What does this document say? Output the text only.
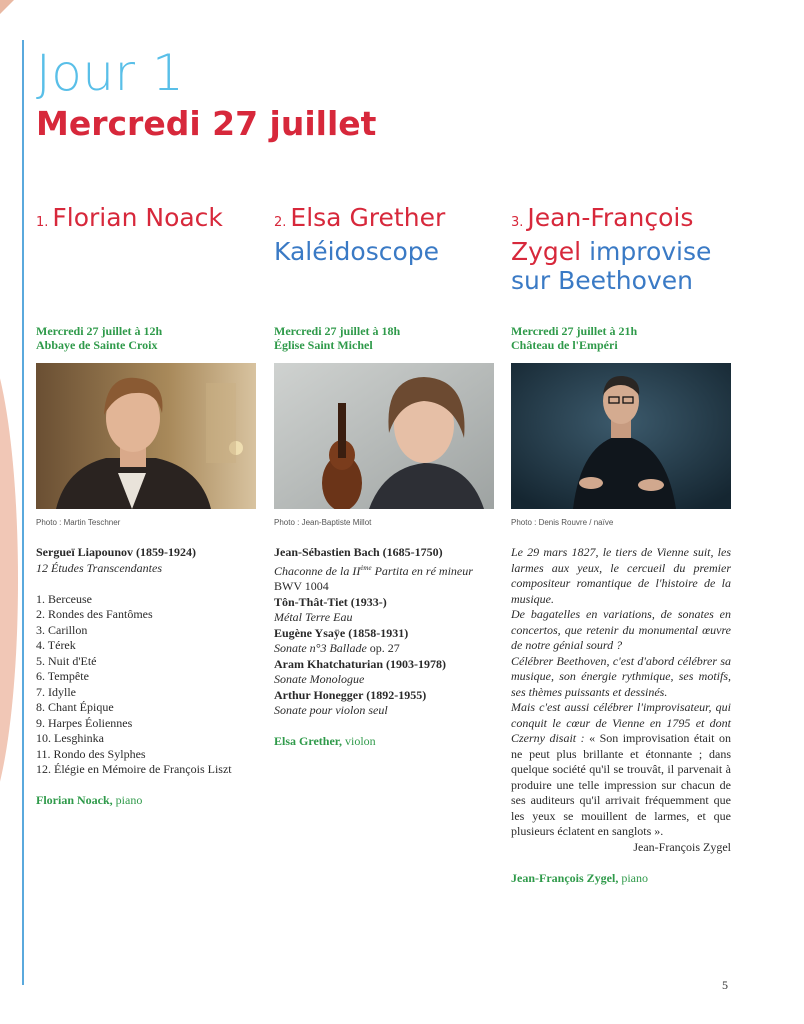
Jour 1
Mercredi 27 juillet
1. Florian Noack

Mercredi 27 juillet à 12h
Abbaye de Sainte Croix

Photo : Martin Teschner

Sergueï Liapounov (1859-1924)
12 Études Transcendantes
1. Berceuse
2. Rondes des Fantômes
3. Carillon
4. Térek
5. Nuit d'Eté
6. Tempête
7. Idylle
8. Chant Épique
9. Harpes Éoliennes
10. Lesghinka
11. Rondo des Sylphes
12. Élégie en Mémoire de François Liszt
Florian Noack, piano
2. Elsa Grether
Kaléidoscope

Mercredi 27 juillet à 18h
Église Saint Michel

Photo : Jean-Baptiste Millot

Jean-Sébastien Bach (1685-1750)
Chaconne de la IIème Partita en ré mineur
BWV 1004
Tôn-Thât-Tiet (1933-)
Métal Terre Eau
Eugène Ysaÿe (1858-1931)
Sonate n°3 Ballade op. 27
Aram Khatchaturian (1903-1978)
Sonate Monologue
Arthur Honegger (1892-1955)
Sonate pour violon seul
Elsa Grether, violon
3. Jean-François Zygel improvise sur Beethoven

Mercredi 27 juillet à 21h
Château de l'Empéri

Photo : Denis Rouvre / naïve

Le 29 mars 1827, le tiers de Vienne suit, les larmes aux yeux, le cercueil du premier compositeur romantique de l'histoire de la musique.

De bagatelles en variations, de sonates en concertos, que retenir du monumental œuvre de notre génial sourd ?

Célébrer Beethoven, c'est d'abord célébrer sa musique, son énergie rythmique, ses motifs, ses thèmes puissants et dessinés.

Mais c'est aussi célébrer l'improvisateur, qui conquit le cœur de Vienne en 1795 et dont Czerny disait : « Son improvisation était on ne peut plus brillante et étonnante ; dans quelque société qu'il se trouvât, il parvenait à produire une telle impression sur chacun de ses auditeurs qu'il arrivait fréquemment que les yeux se mouillent de larmes, et que plusieurs éclatent en sanglots ».

Jean-François Zygel

Jean-François Zygel, piano
5
